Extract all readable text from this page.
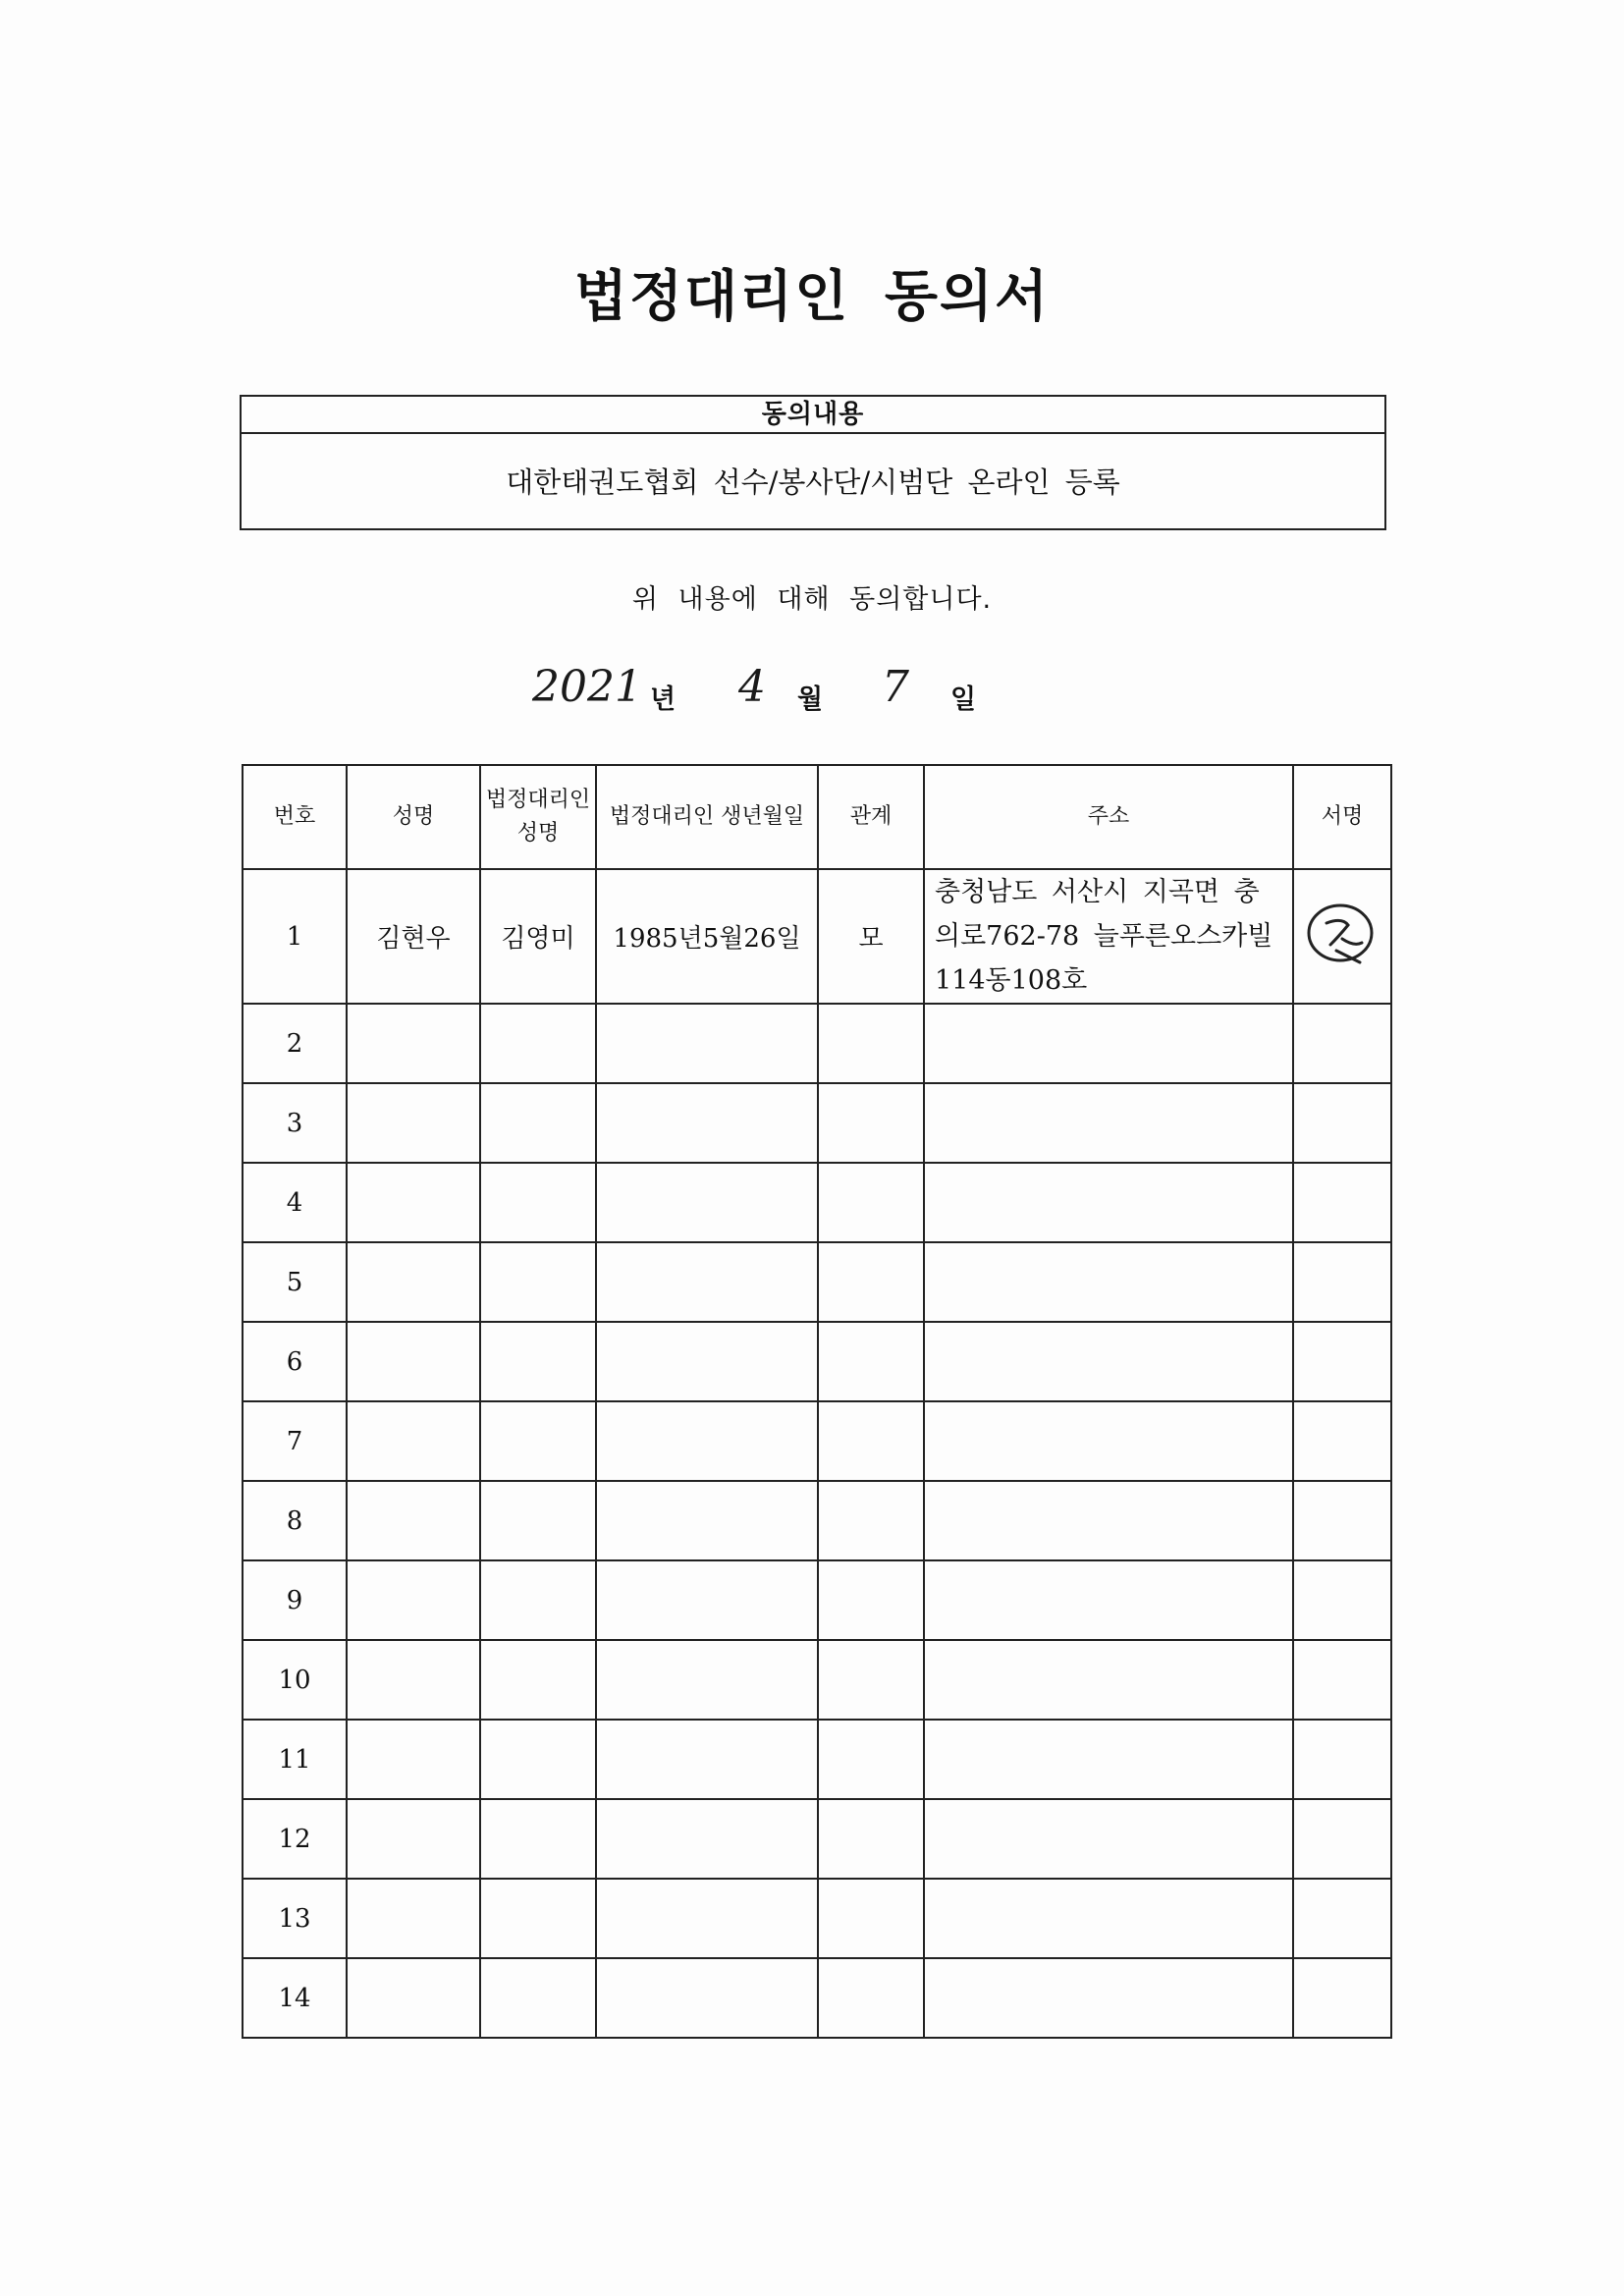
법정대리인 동의서
동의내용
대한태권도협회 선수/봉사단/시범단 온라인 등록
위 내용에 대해 동의합니다.
2021 년 4 월 7 일
번호	성명	법정대리인 성명	법정대리인 생년월일	관계	주소	서명
1	김현우	김영미	1985년5월26일	모	충청남도 서산시 지곡면 충의로762-78 늘푸른오스카빌 114동108호	
2						
3						
4						
5						
6						
7						
8						
9						
10						
11						
12						
13						
14						
